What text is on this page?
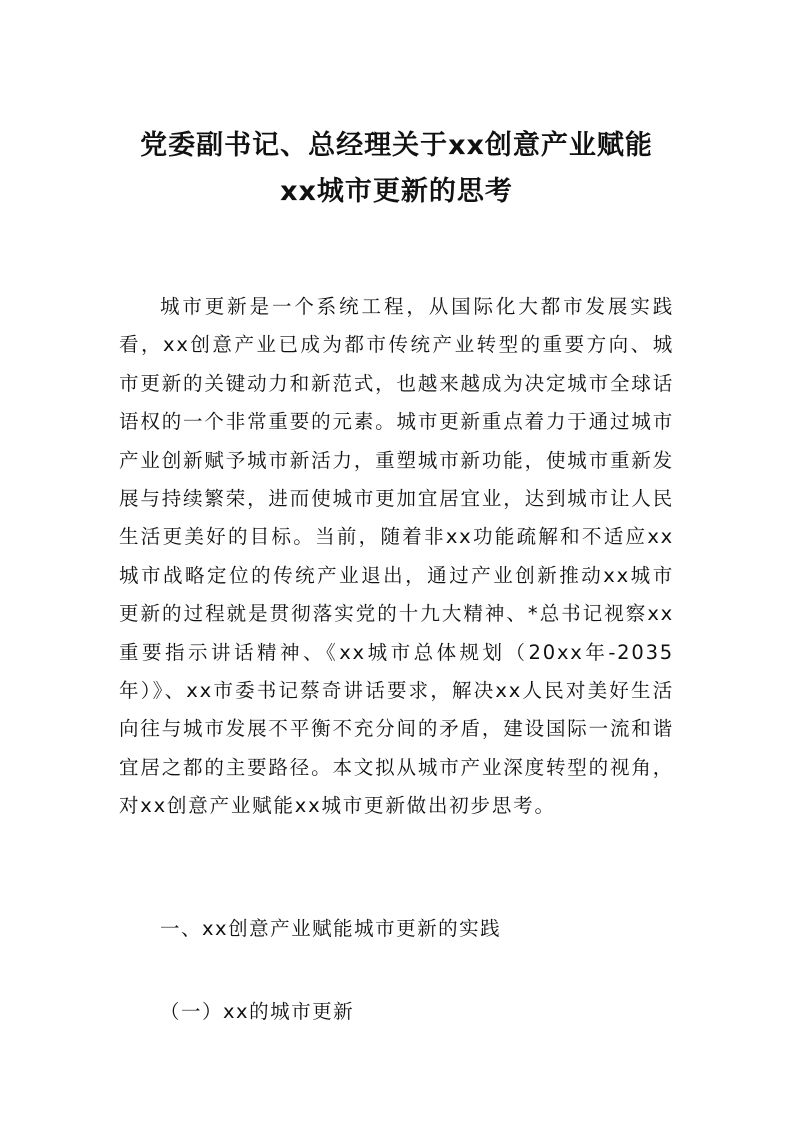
党委副书记、总经理关于xx创意产业赋能
xx城市更新的思考

城市更新是一个系统工程，从国际化大都市发展实践看，xx创意产业已成为都市传统产业转型的重要方向、城市更新的关键动力和新范式，也越来越成为决定城市全球话语权的一个非常重要的元素。城市更新重点着力于通过城市产业创新赋予城市新活力，重塑城市新功能，使城市重新发展与持续繁荣，进而使城市更加宜居宜业，达到城市让人民生活更美好的目标。当前，随着非xx功能疏解和不适应xx城市战略定位的传统产业退出，通过产业创新推动xx城市更新的过程就是贯彻落实党的十九大精神、*总书记视察xx重要指示讲话精神、《xx城市总体规划（20xx年-2035年）》、xx市委书记蔡奇讲话要求，解决xx人民对美好生活向往与城市发展不平衡不充分间的矛盾，建设国际一流和谐宜居之都的主要路径。本文拟从城市产业深度转型的视角，对xx创意产业赋能xx城市更新做出初步思考。

一、xx创意产业赋能城市更新的实践
（一）xx的城市更新
